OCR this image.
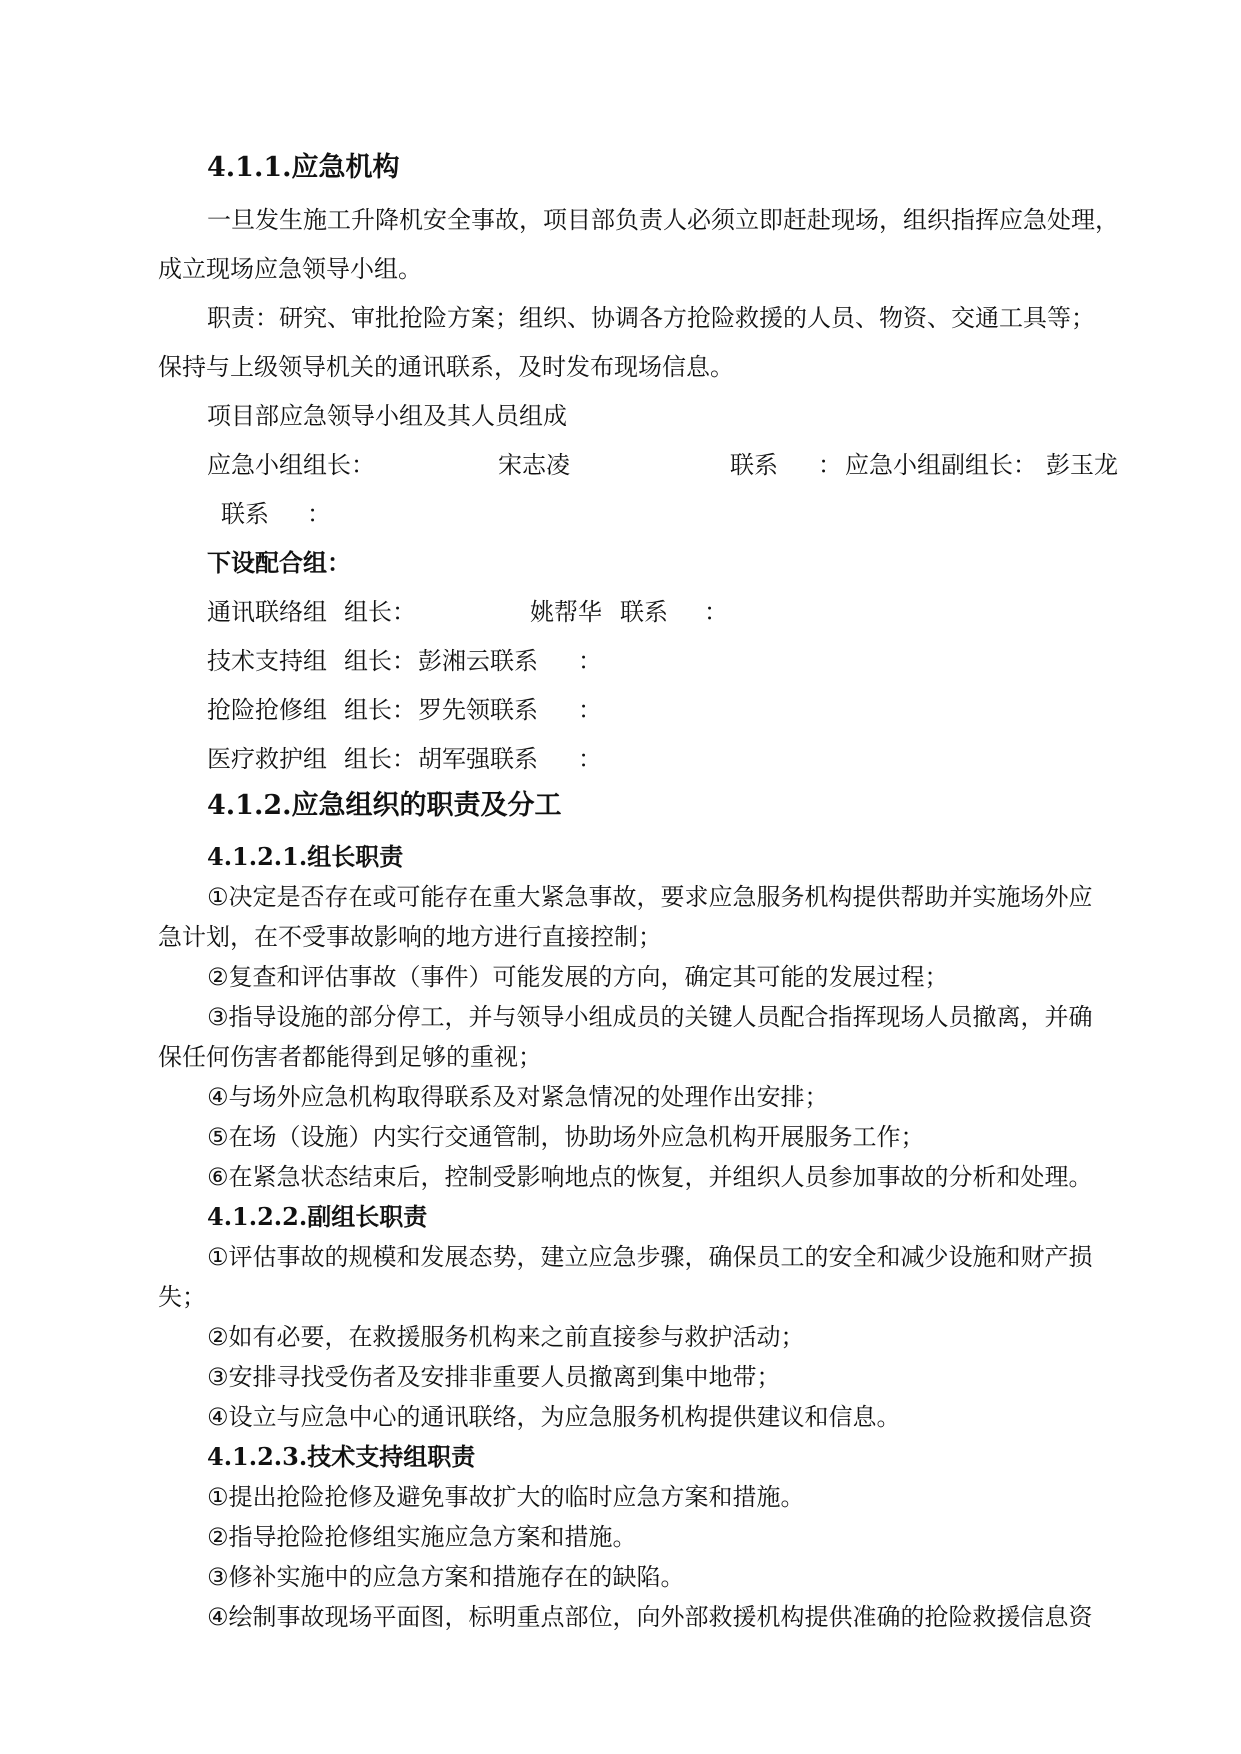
4.1.1.应急机构
一旦发生施工升降机安全事故，项目部负责人必须立即赶赴现场，组织指挥应急处理，
成立现场应急领导小组。
职责：研究、审批抢险方案；组织、协调各方抢险救援的人员、物资、交通工具等；
保持与上级领导机关的通讯联系，及时发布现场信息。
项目部应急领导小组及其人员组成
应急小组组长：	宋志凌	联系 ： 应急小组副组长： 彭玉龙
联系 ：
下设配合组：
通讯联络组 组长：	姚帮华 联系 ：
技术支持组 组长： 彭湘云 联系 ：
抢险抢修组 组长： 罗先领 联系 ：
医疗救护组 组长： 胡军强 联系 ：
4.1.2.应急组织的职责及分工
4.1.2.1.组长职责
①决定是否存在或可能存在重大紧急事故，要求应急服务机构提供帮助并实施场外应
急计划，在不受事故影响的地方进行直接控制；
②复查和评估事故（事件）可能发展的方向，确定其可能的发展过程；
③指导设施的部分停工，并与领导小组成员的关键人员配合指挥现场人员撤离，并确
保任何伤害者都能得到足够的重视；
④与场外应急机构取得联系及对紧急情况的处理作出安排；
⑤在场（设施）内实行交通管制，协助场外应急机构开展服务工作；
⑥在紧急状态结束后，控制受影响地点的恢复，并组织人员参加事故的分析和处理。
4.1.2.2.副组长职责
①评估事故的规模和发展态势，建立应急步骤，确保员工的安全和减少设施和财产损
失；
②如有必要，在救援服务机构来之前直接参与救护活动；
③安排寻找受伤者及安排非重要人员撤离到集中地带；
④设立与应急中心的通讯联络，为应急服务机构提供建议和信息。
4.1.2.3.技术支持组职责
①提出抢险抢修及避免事故扩大的临时应急方案和措施。
②指导抢险抢修组实施应急方案和措施。
③修补实施中的应急方案和措施存在的缺陷。
④绘制事故现场平面图，标明重点部位，向外部救援机构提供准确的抢险救援信息资
